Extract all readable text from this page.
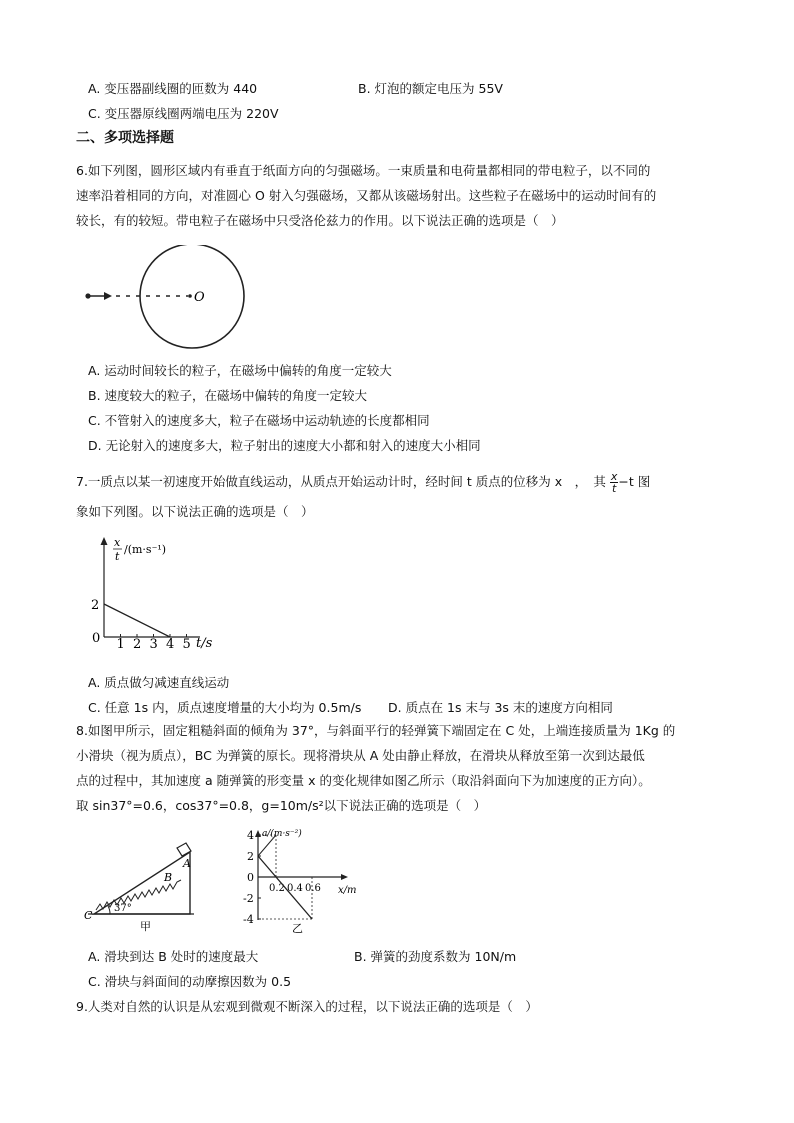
A. 变压器副线圈的匝数为 440	B. 灯泡的额定电压为 55V
C. 变压器原线圈两端电压为 220V
二、多项选择题
6.如下列图，圆形区域内有垂直于纸面方向的匀强磁场。一束质量和电荷量都相同的带电粒子，以不同的
速率沿着相同的方向，对准圆心 O 射入匀强磁场，又都从该磁场射出。这些粒子在磁场中的运动时间有的
较长，有的较短。带电粒子在磁场中只受洛伦兹力的作用。以下说法正确的选项是（　）
O
A. 运动时间较长的粒子，在磁场中偏转的角度一定较大
B. 速度较大的粒子，在磁场中偏转的角度一定较大
C. 不管射入的速度多大，粒子在磁场中运动轨迹的长度都相同
D. 无论射入的速度多大，粒子射出的速度大小都和射入的速度大小相同
7.一质点以某一初速度开始做直线运动，从质点开始运动计时，经时间 t 质点的位移为 x　，　其 $\frac{x}{t} -t$ 图
象如下列图。以下说法正确的选项是（　）
x
t
/(m·s⁻¹)
0	t/s
1 2 3 4 5
2
A. 质点做匀减速直线运动
C. 任意 1s 内，质点速度增量的大小均为 0.5m/s D. 质点在 1s 末与 3s 末的速度方向相同
8.如图甲所示，固定粗糙斜面的倾角为 37°，与斜面平行的轻弹簧下端固定在 C 处，上端连接质量为 1Kg 的
小滑块（视为质点），BC 为弹簧的原长。现将滑块从 A 处由静止释放，在滑块从释放至第一次到达最低
点的过程中，其加速度 a 随弹簧的形变量 x 的变化规律如图乙所示（取沿斜面向下为加速度的正方向）。
取 sin37°=0.6，cos37°=0.8，g=10m/s²以下说法正确的选项是（　）
A
B
C
37°
甲
a/(m·s⁻²)
x/m
乙
4
2
0
-2
-4
0.2 0.4 0.6
A. 滑块到达 B 处时的速度最大	B. 弹簧的劲度系数为 10N/m
C. 滑块与斜面间的动摩擦因数为 0.5
9.人类对自然的认识是从宏观到微观不断深入的过程，以下说法正确的选项是（　）
